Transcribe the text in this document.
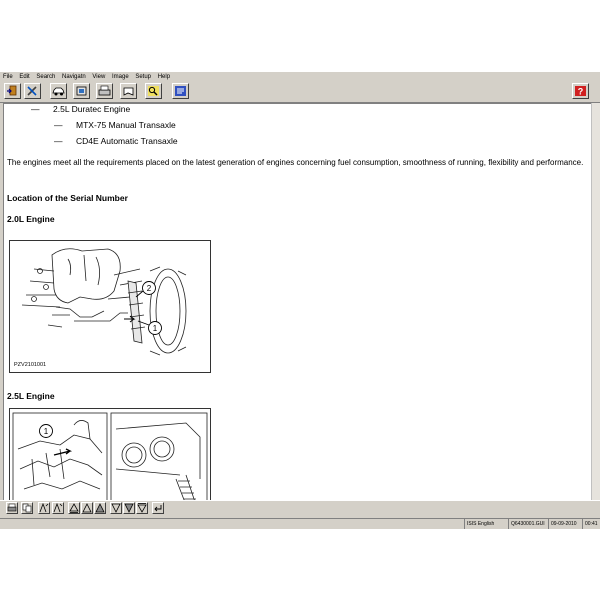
File Edit Search Navigatn View Image Setup Help
?
— 2.5L Duratec Engine
— MTX-75 Manual Transaxle
— CD4E Automatic Transaxle
The engines meet all the requirements placed on the latest generation of engines concerning fuel consumption, smoothness of running, flexibility and performance.
Location of the Serial Number
2.0L Engine
2
1
PZV2101001
2.5L Engine
1
ISIS English	Q6430001.GUI	09-09-2010	00:41
